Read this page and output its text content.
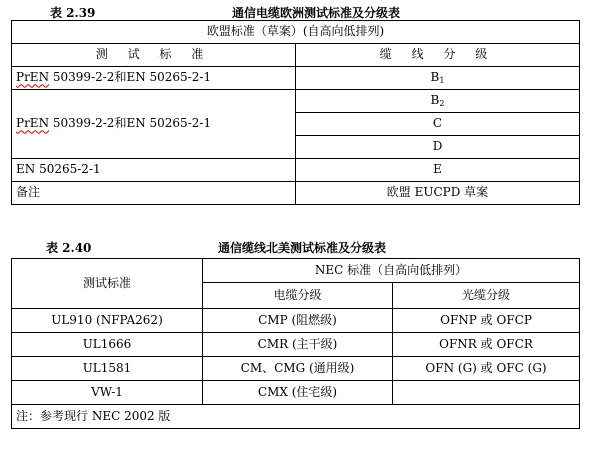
表 2.39	通信电缆欧洲测试标准及分级表
欧盟标准（草案）(自高向低排列)	
测 试 标 准	缆 线 分 级
PrEN 50399-2-2和EN 50265-2-1	$B_1$
PrEN 50399-2-2和EN 50265-2-1	$B_2$
	C
	D
EN 50265-2-1	E
备注	欧盟 EUCPD 草案
表 2.40	通信缆线北美测试标准及分级表
测试标准	NEC 标准（自高向低排列）	
	电缆分级	光缆分级
UL910 (NFPA262)	CMP (阻燃级)	OFNP 或 OFCP
UL1666	CMR (主干级)	OFNR 或 OFCR
UL1581	CM、CMG (通用级)	OFN (G) 或 OFC (G)
VW-1	CMX (住宅级)	
注：参考现行 NEC 2002 版		
